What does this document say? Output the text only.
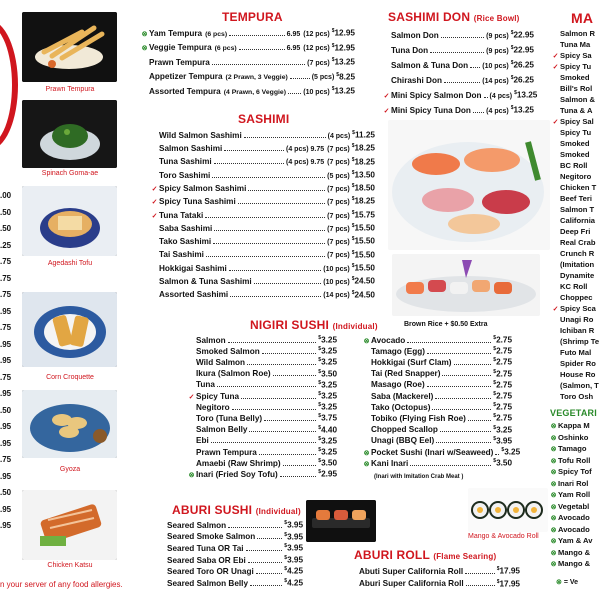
.00
.50
.50
.25
.75
.75
.75
.95
.75
.95
.95
.75
.95
.50
.95
.95
.75
.95
.50
.95
.95
n your server of any food allergies.
Prawn Tempura
Spinach Goma-ae
Agedashi Tofu
Corn Croquette
Gyoza
Chicken Katsu
TEMPURA
⊗ Yam Tempura (6 pcs)	6.95 (12 pcs) $12.95
⊗ Veggie Tempura (6 pcs)	6.95 (12 pcs) $12.95
Prawn Tempura	(7 pcs) $13.25
Appetizer Tempura (2 Prawn, 3 Veggie)	(5 pcs) $8.25
Assorted Tempura (4 Prawn, 6 Veggie) (10 pcs) $13.25
SASHIMI
Wild Salmon Sashimi	(4 pcs) $11.25
Salmon Sashimi	(4 pcs) 9.75 (7 pcs) $18.25
Tuna Sashimi	(4 pcs) 9.75 (7 pcs) $18.25
Toro Sashimi	(5 pcs) $13.50
✓ Spicy Salmon Sashimi	(7 pcs) $18.50
✓ Spicy Tuna Sashimi	(7 pcs) $18.25
✓ Tuna Tataki	(7 pcs) $15.75
Saba Sashimi	(7 pcs) $15.50
Tako Sashimi	(7 pcs) $15.50
Tai Sashimi	(7 pcs) $15.50
Hokkigai Sashimi	(10 pcs) $15.50
Salmon & Tuna Sashimi	(10 pcs) $24.50
Assorted Sashimi	(14 pcs) $24.50
SASHIMI DON (Rice Bowl)
Salmon Don	(9 pcs) $22.95
Tuna Don	(9 pcs) $22.95
Salmon & Tuna Don (10 pcs) $26.25
Chirashi Don	(14 pcs) $26.25
✓ Mini Spicy Salmon Don (4 pcs) $13.25
✓ Mini Spicy Tuna Don (4 pcs) $13.25
NIGIRI SUSHI (Individual)	Brown Rice + $0.50 Extra
Salmon	$3.25
Smoked Salmon	$3.25
Wild Salmon	$3.25
Ikura (Salmon Roe)	$3.50
Tuna	$3.25
✓ Spicy Tuna	$3.25
Negitoro	$3.25
Toro (Tuna Belly)	$3.75
Salmon Belly	$4.40
Ebi	$3.25
Prawn Tempura	$3.25
Amaebi (Raw Shrimp)	$3.50
⊗ Inari (Fried Soy Tofu)	$2.95
⊗ Avocado	$2.75
Tamago (Egg)	$2.75
Hokkigai (Surf Clam)	$2.75
Tai (Red Snapper)	$2.75
Masago (Roe)	$2.75
Saba (Mackerel)	$2.75
Tako (Octopus)	$2.75
Tobiko (Flying Fish Roe)	$2.75
Chopped Scallop	$3.25
Unagi (BBQ Eel)	$3.95
⊗ Pocket Sushi (Inari w/Seaweed) $3.25
⊗ Kani Inari	$3.50
(Inari with Imitation Crab Meat )
ABURI SUSHI (Individual)
Seared Salmon	$3.95
Seared Smoke Salmon	$3.95
Seared Tuna OR Tai	$3.95
Seared Saba OR Ebi	$3.95
Seared Toro OR Unagi	$4.25
Seared Salmon Belly	$4.25
Mango & Avocado Roll
ABURI ROLL (Flame Searing)
Abuti Super California Roll	$17.95
Aburi Super California Roll	$17.95
MA
Salmon R
Tuna Ma
✓ Spicy Sa
✓ Spicy Tu
Smoked
Bill's Rol
Salmon &
Tuna & A
✓ Spicy Sal
Spicy Tu
Smoked
Smoked
BC Roll
Negitoro
Chicken T
Beef Teri
Salmon T
California
Deep Fri
Real Crab
Crunch R
(Imitation
Dynamite
KC Roll
Choppec
✓ Spicy Sca
Unagi Ro
Ichiban R
(Shrimp Te
Futo Mal
Spider Ro
House Ro
(Salmon, T
Toro Osh
VEGETARI
⊗ Kappa M
⊗ Oshinko
⊗ Tamago
⊗ Tofu Roll
⊗ Spicy Tof
⊗ Inari Rol
⊗ Yam Roll
⊗ Vegetabl
⊗ Avocado
⊗ Avocado
⊗ Yam & Av
⊗ Mango &
⊗ Mango &
⊗ = Ve
